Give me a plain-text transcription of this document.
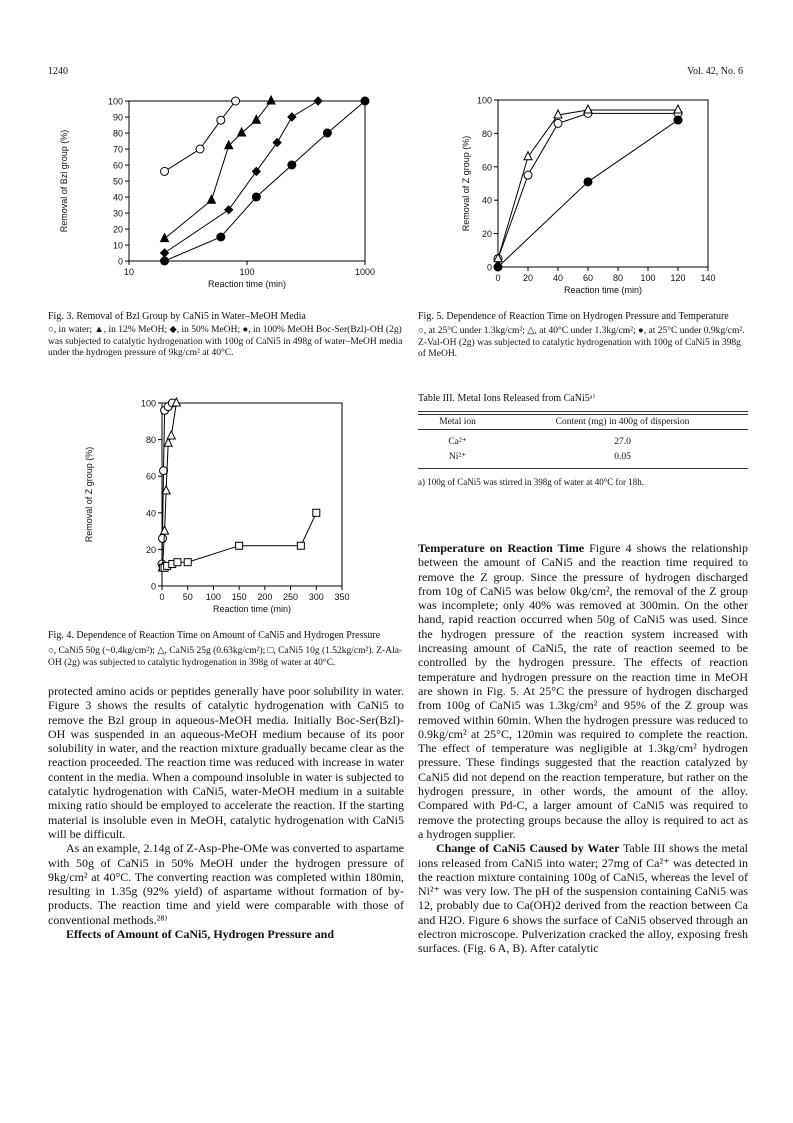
1240	Vol. 42, No. 6
0
10
20
30
40
50
60
70
80
90
100
10	100	1000
Reaction time (min)
Removal of Bzl group (%)
Fig. 3. Removal of Bzl Group by CaNi5 in Water–MeOH Media
○, in water; ▲, in 12% MeOH; ◆, in 50% MeOH; ●, in 100% MeOH Boc-Ser(Bzl)-OH (2g) was subjected to catalytic hydrogenation with 100g of CaNi5 in 498g of water–MeOH media under the hydrogen pressure of 9kg/cm² at 40°C.
0
20
40
60
80
100
0 50 100 150 200 250 300 350
Reaction time (min)
Removal of Z group (%)
Fig. 4. Dependence of Reaction Time on Amount of CaNi5 and Hydrogen Pressure
○, CaNi5 50g (~0.4kg/cm²); △, CaNi5 25g (0.63kg/cm²); □, CaNi5 10g (1.52kg/cm²). Z-Ala-OH (2g) was subjected to catalytic hydrogenation in 398g of water at 40°C.

protected amino acids or peptides generally have poor solubility in water. Figure 3 shows the results of catalytic hydrogenation with CaNi5 to remove the Bzl group in aqueous-MeOH media. Initially Boc-Ser(Bzl)-OH was suspended in an aqueous-MeOH medium because of its poor solubility in water, and the reaction mixture gradually became clear as the reaction proceeded. The reaction time was reduced with increase in water content in the media. When a compound insoluble in water is subjected to catalytic hydrogenation with CaNi5, water-MeOH medium in a suitable mixing ratio should be employed to accelerate the reaction. If the starting material is insoluble even in MeOH, catalytic hydrogenation with CaNi5 will be difficult.

As an example, 2.14g of Z-Asp-Phe-OMe was converted to aspartame with 50g of CaNi5 in 50% MeOH under the hydrogen pressure of 9kg/cm² at 40°C. The converting reaction was completed within 180min, resulting in 1.35g (92% yield) of aspartame without formation of by-products. The reaction time and yield were comparable with those of conventional methods.²⁸⁾

Effects of Amount of CaNi5, Hydrogen Pressure and

0
20
40
60
80
100
0 20 40 60 80 100 120 140
Reaction time (min)
Removal of Z group (%)
Fig. 5. Dependence of Reaction Time on Hydrogen Pressure and Temperature
○, at 25°C under 1.3kg/cm²; △, at 40°C under 1.3kg/cm²; ●, at 25°C under 0.9kg/cm². Z-Val-OH (2g) was subjected to catalytic hydrogenation with 100g of CaNi5 in 398g of MeOH.
Table III. Metal Ions Released from CaNi5ᵃ⁾
Metal ion	Content (mg) in 400g of dispersion
Ca²⁺	27.0
Ni²⁺	0.05
a) 100g of CaNi5 was stirred in 398g of water at 40°C for 18h.

Temperature on Reaction Time Figure 4 shows the relationship between the amount of CaNi5 and the reaction time required to remove the Z group. Since the pressure of hydrogen discharged from 10g of CaNi5 was below 0kg/cm², the removal of the Z group was incomplete; only 40% was removed at 300min. On the other hand, rapid reaction occurred when 50g of CaNi5 was used. Since the hydrogen pressure of the reaction system increased with increasing amount of CaNi5, the rate of reaction seemed to be controlled by the hydrogen pressure. The effects of reaction temperature and hydrogen pressure on the reaction time in MeOH are shown in Fig. 5. At 25°C the pressure of hydrogen discharged from 100g of CaNi5 was 1.3kg/cm² and 95% of the Z group was removed within 60min. When the hydrogen pressure was reduced to 0.9kg/cm² at 25°C, 120min was required to complete the reaction. The effect of temperature was negligible at 1.3kg/cm² hydrogen pressure. These findings suggested that the reaction catalyzed by CaNi5 did not depend on the reaction temperature, but rather on the hydrogen pressure, in other words, the amount of the alloy. Compared with Pd-C, a larger amount of CaNi5 was required to remove the protecting groups because the alloy is required to act as a hydrogen supplier.

Change of CaNi5 Caused by Water Table III shows the metal ions released from CaNi5 into water; 27mg of Ca²⁺ was detected in the reaction mixture containing 100g of CaNi5, whereas the level of Ni²⁺ was very low. The pH of the suspension containing CaNi5 was 12, probably due to Ca(OH)2 derived from the reaction between Ca and H2O. Figure 6 shows the surface of CaNi5 observed through an electron microscope. Pulverization cracked the alloy, exposing fresh surfaces. (Fig. 6 A, B). After catalytic
